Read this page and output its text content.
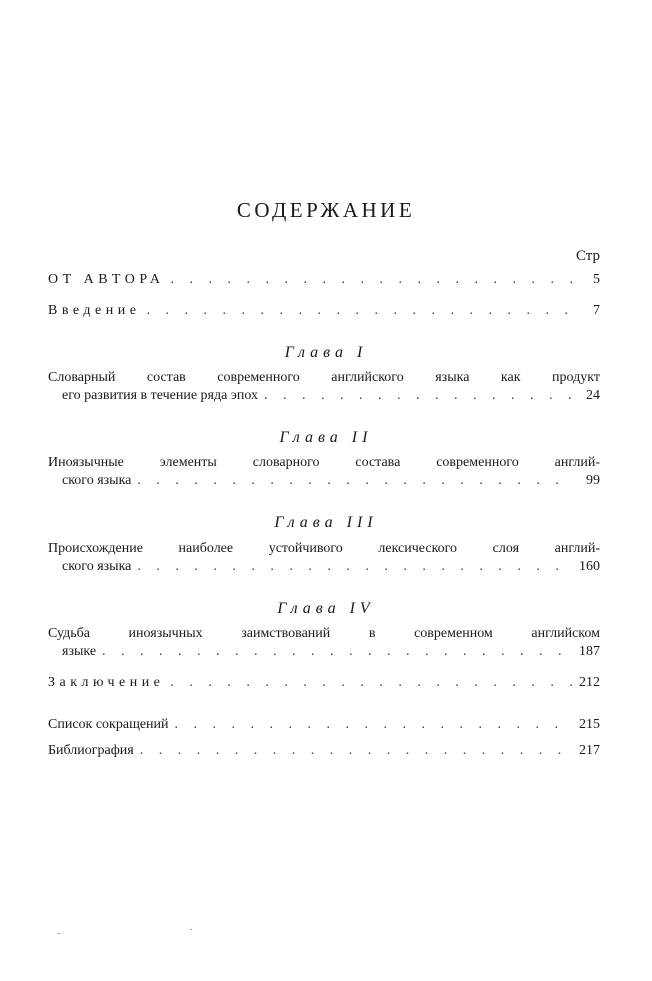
СОДЕРЖАНИЕ
Стр
ОТ АВТОРА . . .	5
Введение . . .	7
Глава I
Словарный состав современного английского языка как продукт
его развития в течение ряда эпох . . .	24
Глава II
Иноязычные элементы словарного состава современного англий-
ского языка . . .	99
Глава III
Происхождение наиболее устойчивого лексического слоя англий-
ского языка . . .	160
Глава IV
Судьба иноязычных заимствований в современном английском
языке . . .	187
Заключение . . .	212
Список сокращений . . .	215
Библиография . . .	217
